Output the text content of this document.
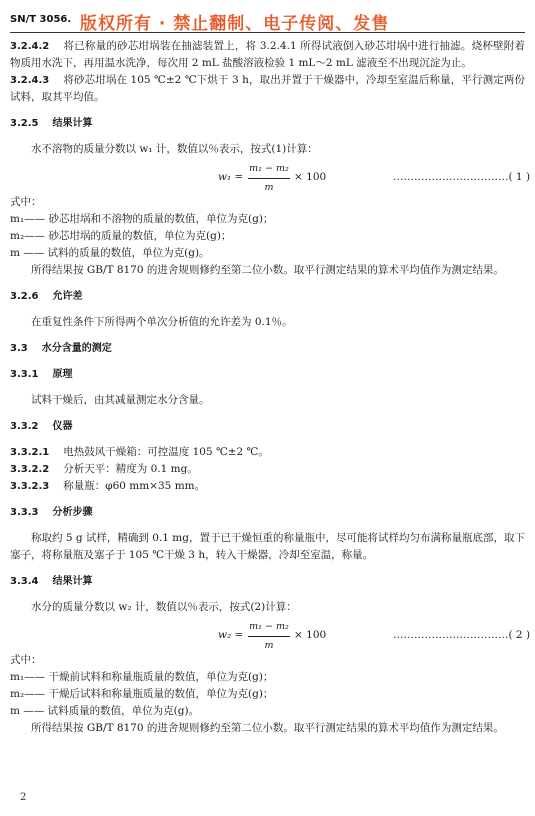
SN/T 3056. 版权所有 · 禁止翻制、电子传阅、发售

3.2.4.2 将已称量的砂芯坩埚装在抽滤装置上，将 3.2.4.1 所得试液倒入砂芯坩埚中进行抽滤。烧杯壁附着物质用水洗下，再用温水洗净，每次用 2 mL 盐酸溶液检验 1 mL～2 mL 滤液至不出现沉淀为止。

3.2.4.3 将砂芯坩埚在 105 ℃±2 ℃下烘干 3 h，取出并置于干燥器中，冷却至室温后称量，平行测定两份试料，取其平均值。

3.2.5 结果计算

水不溶物的质量分数以 w₁ 计，数值以％表示，按式(1)计算：

$w_1 = \frac{\text{m₁ − m₂}}{m} \times 100$	……………………………( 1 )

式中：

m₁—— 砂芯坩埚和不溶物的质量的数值，单位为克(g)；

m₂—— 砂芯坩埚的质量的数值，单位为克(g)；

m —— 试料的质量的数值，单位为克(g)。

所得结果按 GB/T 8170 的进舍规则修约至第二位小数。取平行测定结果的算术平均值作为测定结果。

3.2.6 允许差

在重复性条件下所得两个单次分析值的允许差为 0.1％。

3.3 水分含量的测定

3.3.1 原理

试料干燥后，由其减量测定水分含量。

3.3.2 仪器

3.3.2.1 电热鼓风干燥箱：可控温度 105 ℃±2 ℃。

3.3.2.2 分析天平：精度为 0.1 mg。

3.3.2.3 称量瓶：φ60 mm×35 mm。

3.3.3 分析步骤

称取约 5 g 试样，精确到 0.1 mg，置于已干燥恒重的称量瓶中，尽可能将试样均匀布满称量瓶底部，取下塞子，将称量瓶及塞子于 105 ℃干燥 3 h，转入干燥器，冷却至室温，称量。

3.3.4 结果计算

水分的质量分数以 w₂ 计，数值以％表示，按式(2)计算：

$w_2 = \frac{\text{m₁ − m₂}}{m} \times 100$	……………………………( 2 )

式中：

m₁—— 干燥前试料和称量瓶质量的数值，单位为克(g)；

m₂—— 干燥后试料和称量瓶质量的数值，单位为克(g)；

m —— 试料质量的数值，单位为克(g)。

所得结果按 GB/T 8170 的进舍规则修约至第二位小数。取平行测定结果的算术平均值作为测定结果。

2
